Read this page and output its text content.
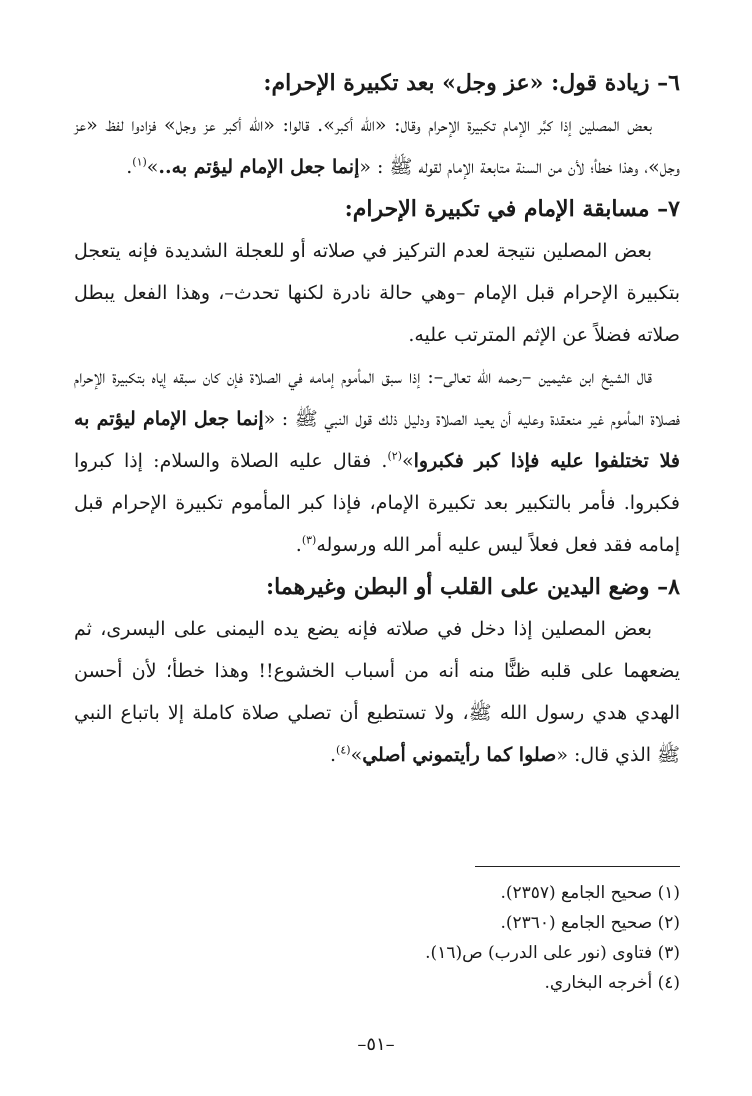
٦– زيادة قول: «عز وجل» بعد تكبيرة الإحرام:

بعض المصلين إذا كبَّر الإمام تكبيرة الإحرام وقال: «الله أكبر». قالوا: «الله أكبر عز وجل» فزادوا لفظ «عز وجل»، وهذا خطأ؛ لأن من السنة متابعة الإمام لقوله ﷺ : «إنما جعل الإمام ليؤتم به..»$^{(١)}$.

٧– مسابقة الإمام في تكبيرة الإحرام:

بعض المصلين نتيجة لعدم التركيز في صلاته أو للعجلة الشديدة فإنه يتعجل بتكبيرة الإحرام قبل الإمام –وهي حالة نادرة لكنها تحدث–، وهذا الفعل يبطل صلاته فضلاً عن الإثم المترتب عليه.

قال الشيخ ابن عثيمين –رحمه الله تعالى–: إذا سبق المأموم إمامه في الصلاة فإن كان سبقه إياه بتكبيرة الإحرام فصلاة المأموم غير منعقدة وعليه أن يعيد الصلاة ودليل ذلك قول النبي ﷺ : «إنما جعل الإمام ليؤتم به فلا تختلفوا عليه فإذا كبر فكبروا»$^{(٢)}$. فقال عليه الصلاة والسلام: إذا كبروا فكبروا. فأمر بالتكبير بعد تكبيرة الإمام، فإذا كبر المأموم تكبيرة الإحرام قبل إمامه فقد فعل فعلاً ليس عليه أمر الله ورسوله$^{(٣)}$.

٨– وضع اليدين على القلب أو البطن وغيرهما:

بعض المصلين إذا دخل في صلاته فإنه يضع يده اليمنى على اليسرى، ثم يضعهما على قلبه ظنًّا منه أنه من أسباب الخشوع!! وهذا خطأ؛ لأن أحسن الهدي هدي رسول الله ﷺ، ولا تستطيع أن تصلي صلاة كاملة إلا باتباع النبي ﷺ الذي قال: «صلوا كما رأيتموني أصلي»$^{(٤)}$.

(١) صحيح الجامع (٢٣٥٧).
(٢) صحيح الجامع (٢٣٦٠).
(٣) فتاوى (نور على الدرب) ص(١٦).
(٤) أخرجه البخاري.
–٥١–
